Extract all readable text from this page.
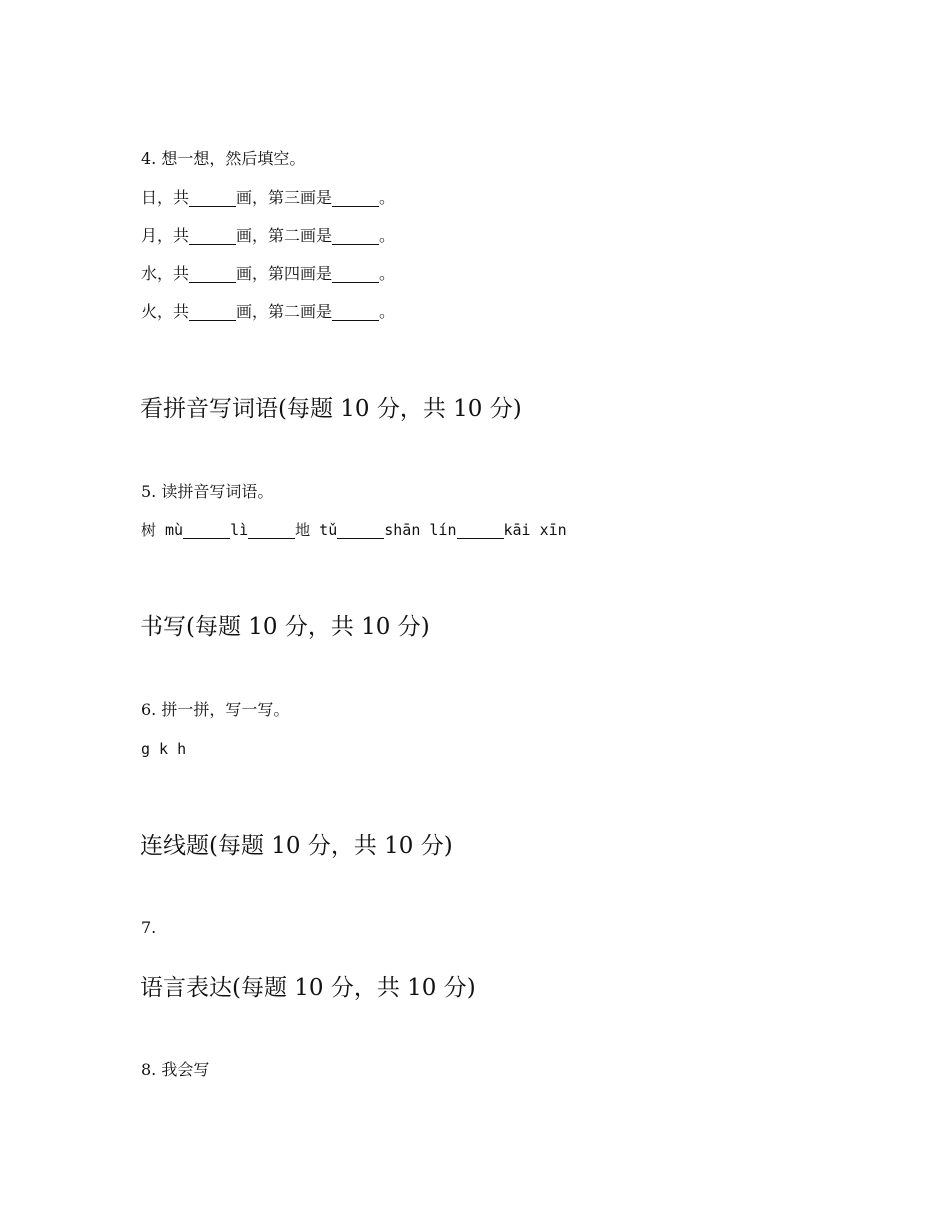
4. 想一想，然后填空。

日，共	画，第三画是	。

月，共	画，第二画是	。

水，共	画，第四画是	。

火，共	画，第二画是	。

看拼音写词语(每题 10 分，共 10 分)

5. 读拼音写词语。

树 mù	lì	地 tǔ	shān lín	kāi xīn

书写(每题 10 分，共 10 分)

6. 拼一拼，写一写。

g k h

连线题(每题 10 分，共 10 分)

7.

语言表达(每题 10 分，共 10 分)

8. 我会写
